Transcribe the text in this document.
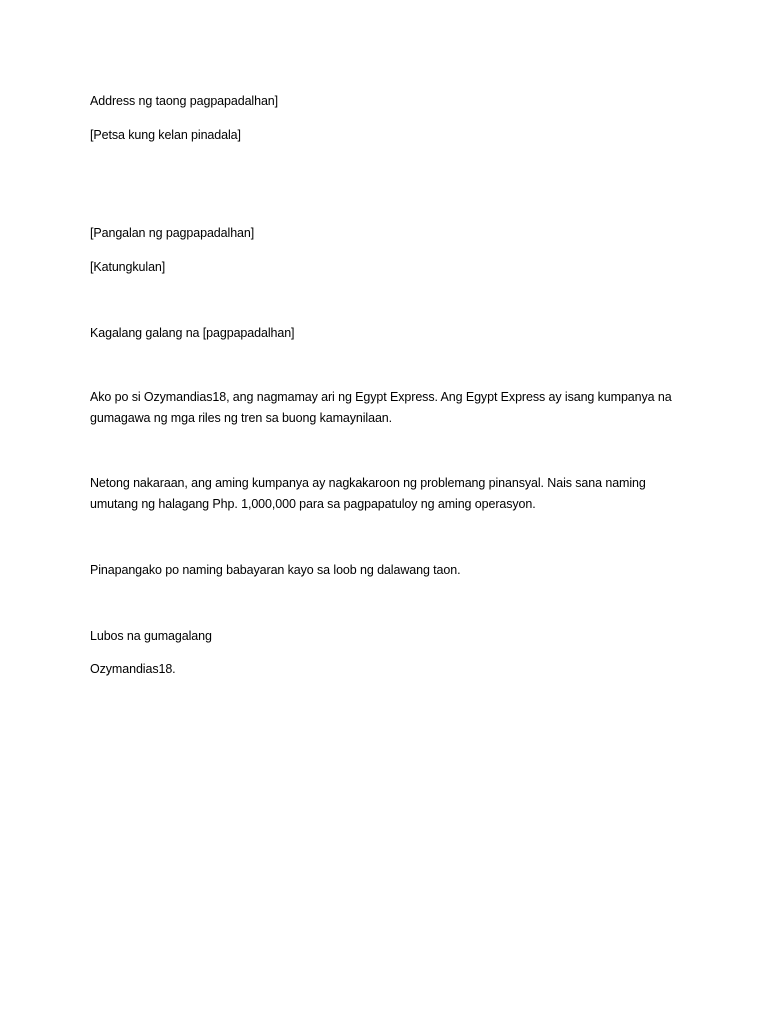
Address ng taong pagpapadalhan]

[Petsa kung kelan pinadala]

[Pangalan ng pagpapadalhan]

[Katungkulan]

Kagalang galang na [pagpapadalhan]

Ako po si Ozymandias18, ang nagmamay ari ng Egypt Express. Ang Egypt Express ay isang kumpanya na
gumagawa ng mga riles ng tren sa buong kamaynilaan.
Netong nakaraan, ang aming kumpanya ay nagkakaroon ng problemang pinansyal. Nais sana naming
umutang ng halagang Php. 1,000,000 para sa pagpapatuloy ng aming operasyon.

Pinapangako po naming babayaran kayo sa loob ng dalawang taon.

Lubos na gumagalang

Ozymandias18.
